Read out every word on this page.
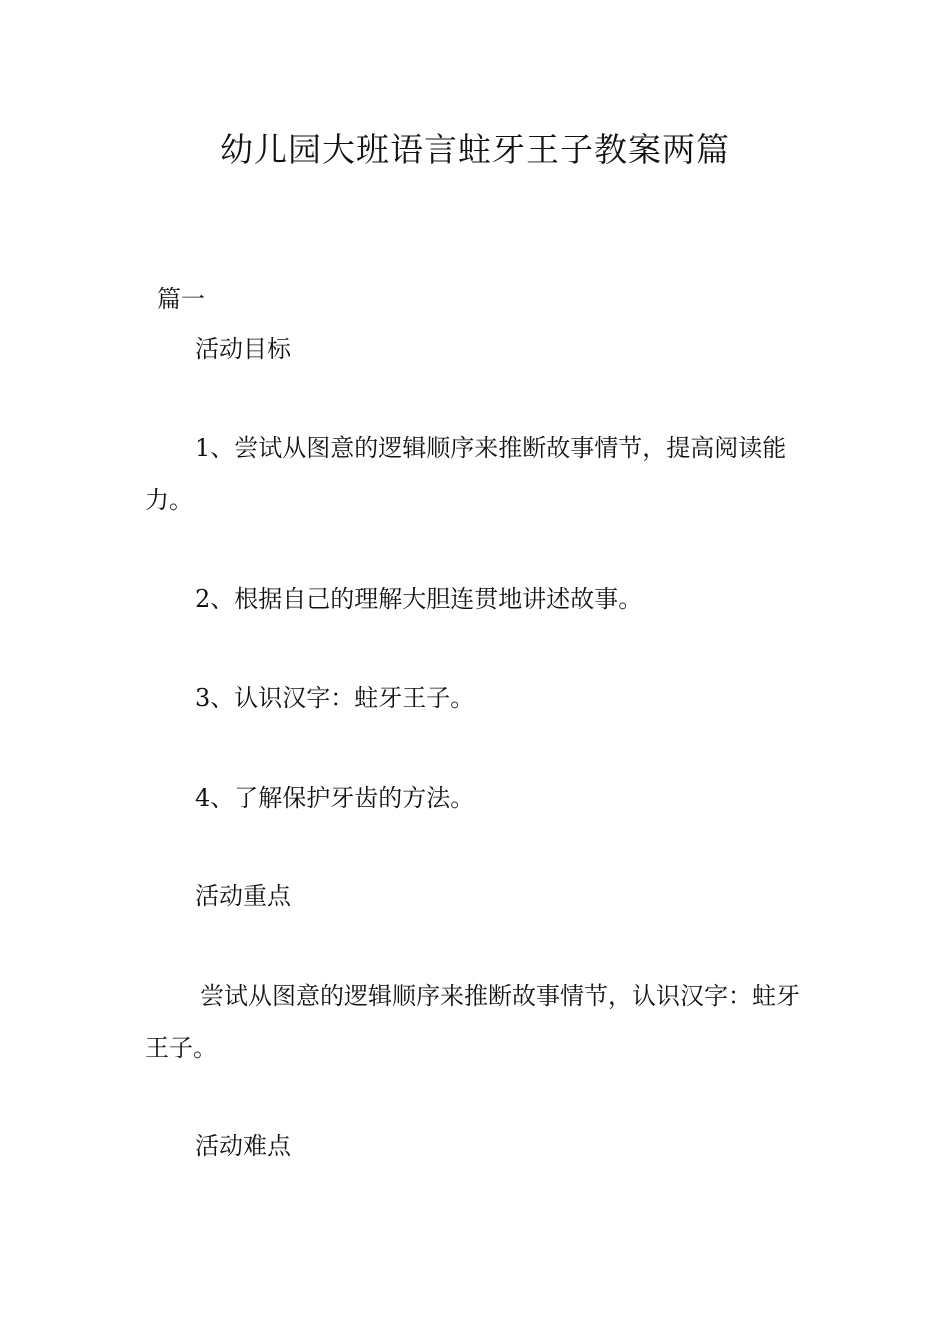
幼儿园大班语言蛀牙王子教案两篇

篇一

活动目标

1、尝试从图意的逻辑顺序来推断故事情节，提高阅读能力。

2、根据自己的理解大胆连贯地讲述故事。

3、认识汉字：蛀牙王子。

4、了解保护牙齿的方法。

活动重点

尝试从图意的逻辑顺序来推断故事情节，认识汉字：蛀牙王子。

活动难点
